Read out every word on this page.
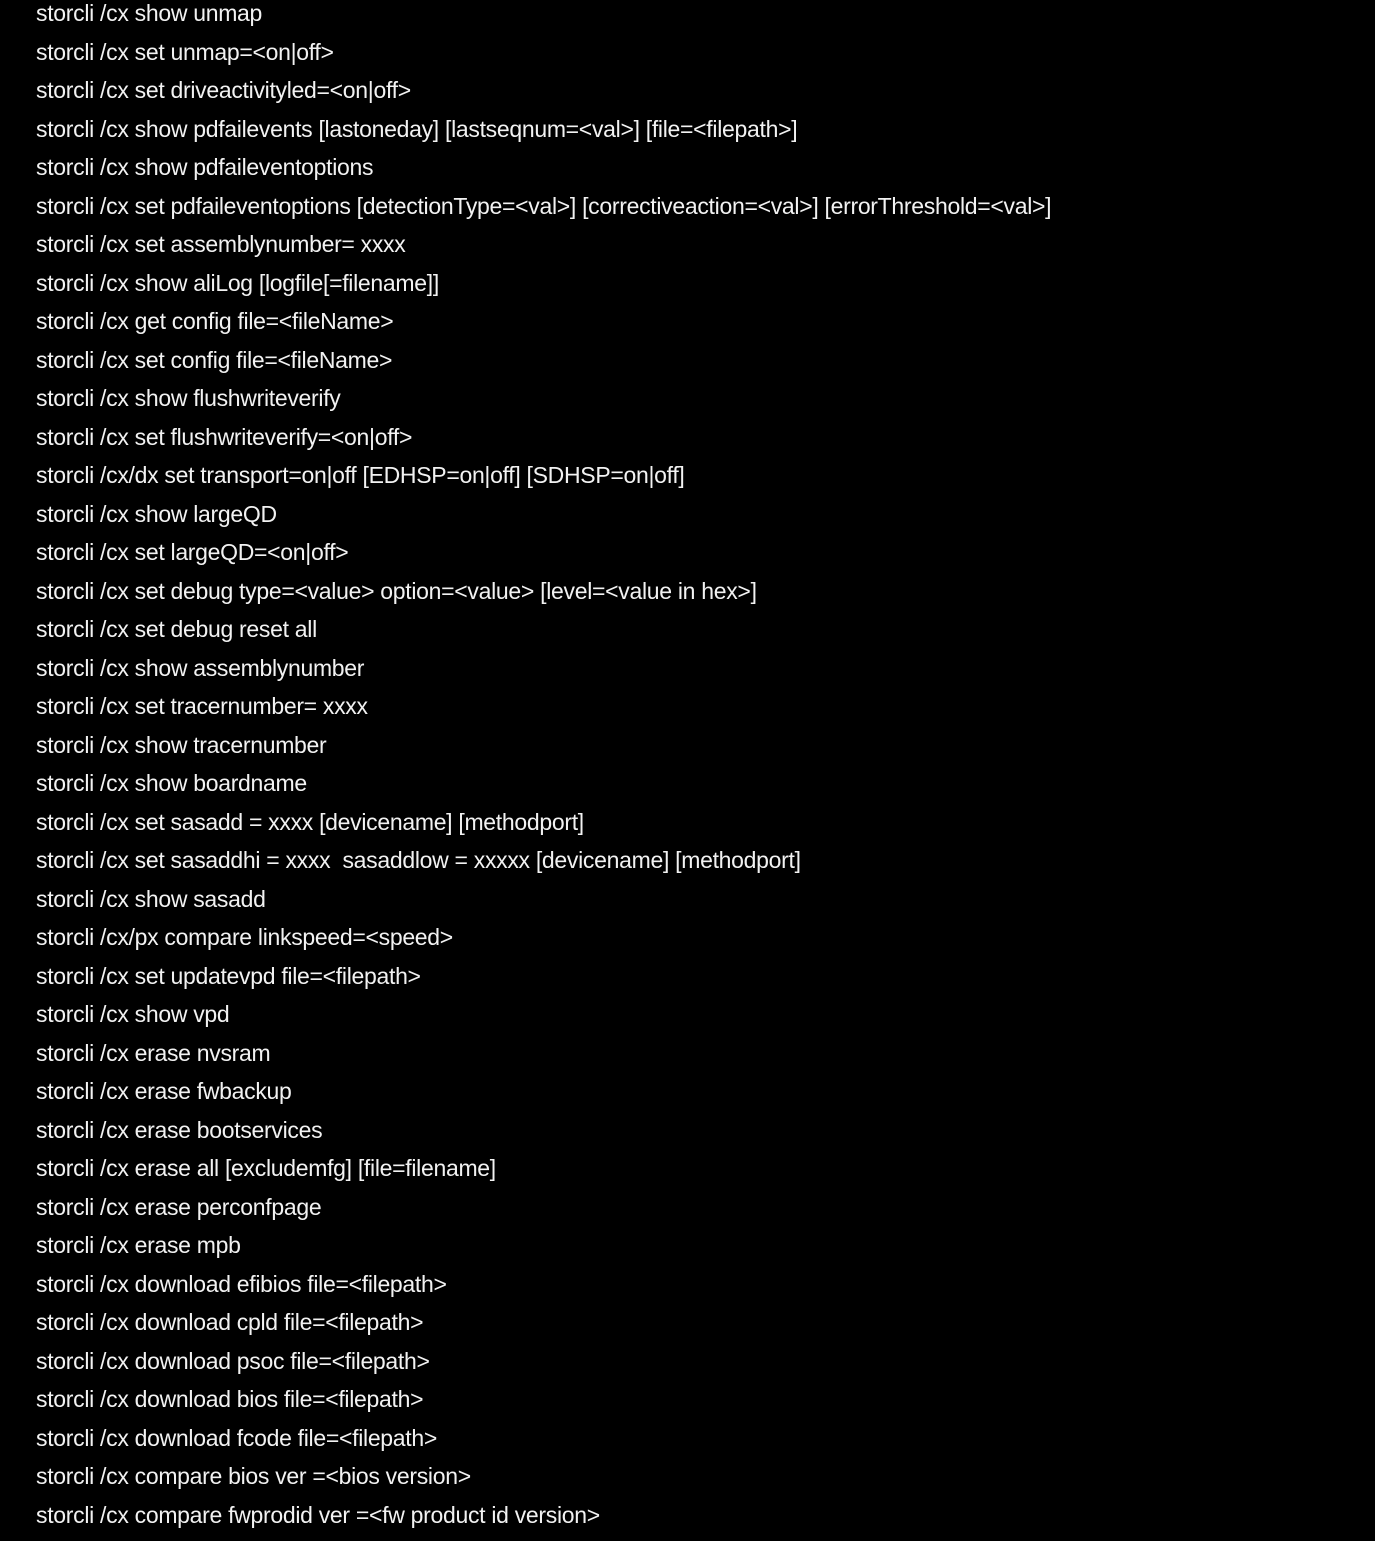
storcli /cx show unmap
storcli /cx set unmap=<on|off>
storcli /cx set driveactivityled=<on|off>
storcli /cx show pdfailevents [lastoneday] [lastseqnum=<val>] [file=<filepath>]
storcli /cx show pdfaileventoptions
storcli /cx set pdfaileventoptions [detectionType=<val>] [correctiveaction=<val>] [errorThreshold=<val>]
storcli /cx set assemblynumber= xxxx
storcli /cx show aliLog [logfile[=filename]]
storcli /cx get config file=<fileName>
storcli /cx set config file=<fileName>
storcli /cx show flushwriteverify
storcli /cx set flushwriteverify=<on|off>
storcli /cx/dx set transport=on|off [EDHSP=on|off] [SDHSP=on|off]
storcli /cx show largeQD
storcli /cx set largeQD=<on|off>
storcli /cx set debug type=<value> option=<value> [level=<value in hex>]
storcli /cx set debug reset all
storcli /cx show assemblynumber
storcli /cx set tracernumber= xxxx
storcli /cx show tracernumber
storcli /cx show boardname
storcli /cx set sasadd = xxxx [devicename] [methodport]
storcli /cx set sasaddhi = xxxx  sasaddlow = xxxxx [devicename] [methodport]
storcli /cx show sasadd
storcli /cx/px compare linkspeed=<speed>
storcli /cx set updatevpd file=<filepath>
storcli /cx show vpd
storcli /cx erase nvsram
storcli /cx erase fwbackup
storcli /cx erase bootservices
storcli /cx erase all [excludemfg] [file=filename]
storcli /cx erase perconfpage
storcli /cx erase mpb
storcli /cx download efibios file=<filepath>
storcli /cx download cpld file=<filepath>
storcli /cx download psoc file=<filepath>
storcli /cx download bios file=<filepath>
storcli /cx download fcode file=<filepath>
storcli /cx compare bios ver =<bios version>
storcli /cx compare fwprodid ver =<fw product id version>
